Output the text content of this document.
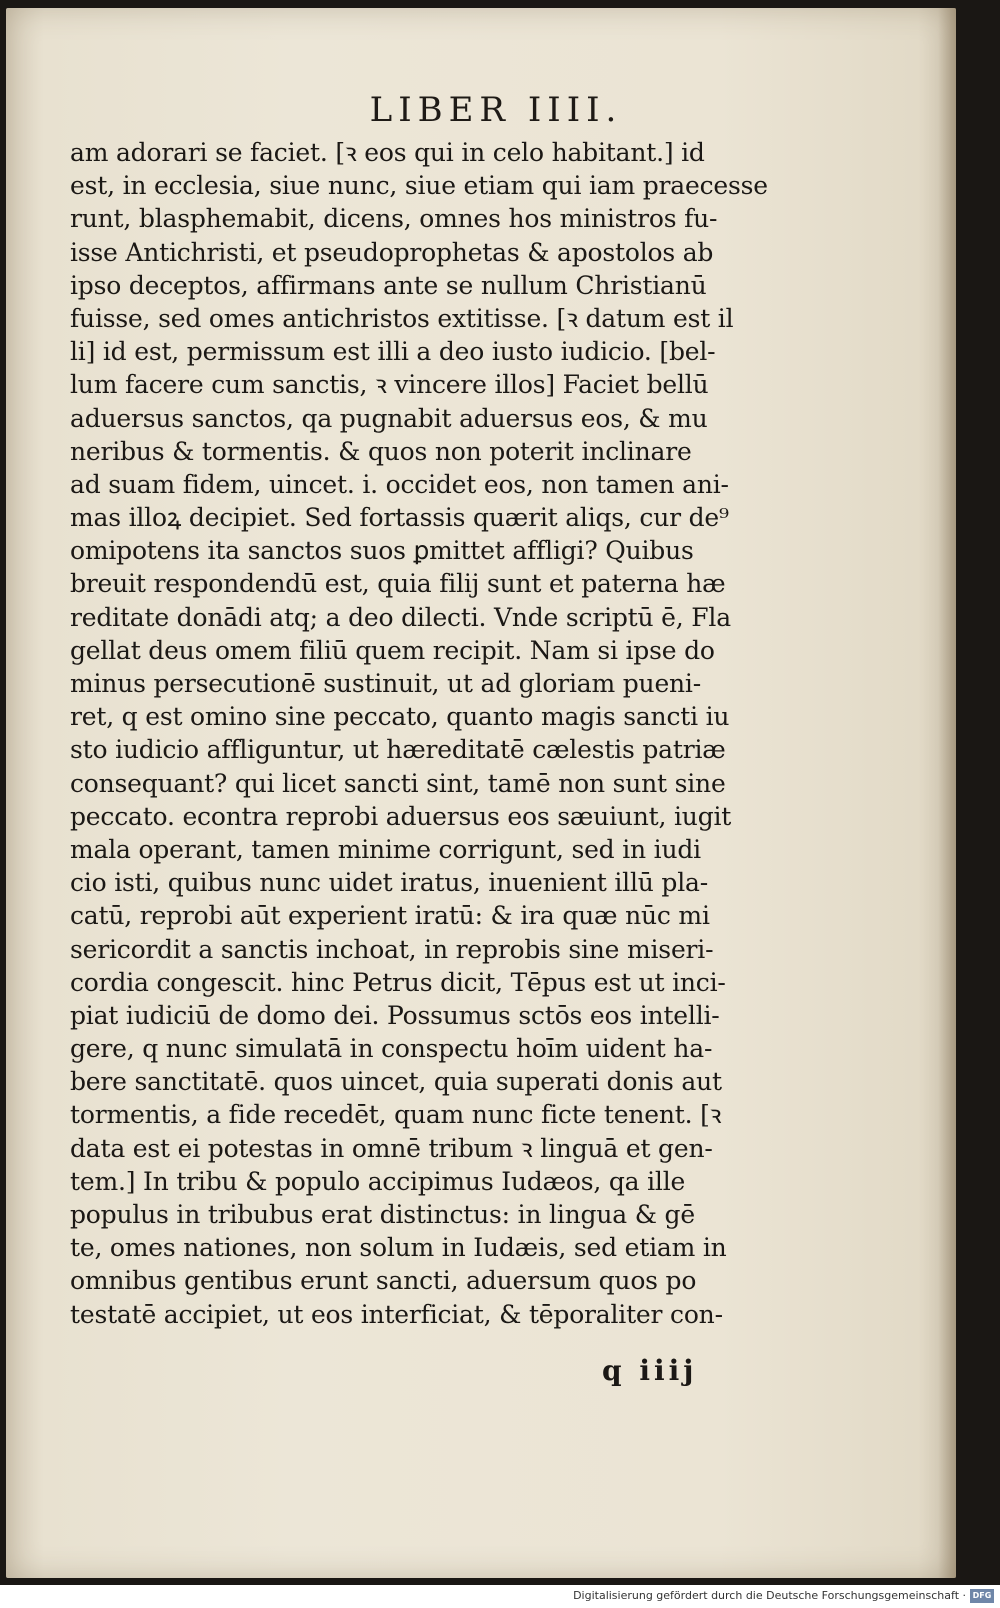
LIBER IIII.
am adorari se faciet. [ꝛ eos qui in celo habitant.] id
est, in ecclesia, siue nunc, siue etiam qui iam praecesse
runt, blasphemabit, dicens, omnes hos ministros fu-
isse Antichristi, et pseudoprophetas & apostolos ab
ipso deceptos, affirmans ante se nullum Christianū
fuisse, sed omes antichristos extitisse. [ꝛ datum est il
li] id est, permissum est illi a deo iusto iudicio. [bel-
lum facere cum sanctis, ꝛ vincere illos] Faciet bellū
aduersus sanctos, qa pugnabit aduersus eos, & mu
neribus & tormentis. & quos non poterit inclinare
ad suam fidem, uincet. i. occidet eos, non tamen ani-
mas illoꝝ decipiet. Sed fortassis quærit aliqs, cur de⁹
omipotens ita sanctos suos ꝑmittet affligi? Quibus
breuit respondendū est, quia filij sunt et paterna hæ
reditate donādi atq; a deo dilecti. Vnde scriptū ē, Fla
gellat deus omem filiū quem recipit. Nam si ipse do
minus persecutionē sustinuit, ut ad gloriam pueni-
ret, q est omino sine peccato, quanto magis sancti iu
sto iudicio affliguntur, ut hæreditatē cælestis patriæ
consequant? qui licet sancti sint, tamē non sunt sine
peccato. econtra reprobi aduersus eos sæuiunt, iugit
mala operant, tamen minime corrigunt, sed in iudi
cio isti, quibus nunc uidet iratus, inuenient illū pla-
catū, reprobi aūt experient iratū: & ira quæ nūc mi
sericordit a sanctis inchoat, in reprobis sine miseri-
cordia congescit. hinc Petrus dicit, Tēpus est ut inci-
piat iudiciū de domo dei. Possumus sctōs eos intelli-
gere, q nunc simulatā in conspectu hoīm uident ha-
bere sanctitatē. quos uincet, quia superati donis aut
tormentis, a fide recedēt, quam nunc ficte tenent. [ꝛ
data est ei potestas in omnē tribum ꝛ linguā et gen-
tem.] In tribu & populo accipimus Iudæos, qa ille
populus in tribubus erat distinctus: in lingua & gē
te, omes nationes, non solum in Iudæis, sed etiam in
omnibus gentibus erunt sancti, aduersum quos po
testatē accipiet, ut eos interficiat, & tēporaliter con-
q iiij
Digitalisierung gefördert durch die Deutsche Forschungsgemeinschaft · DFG
